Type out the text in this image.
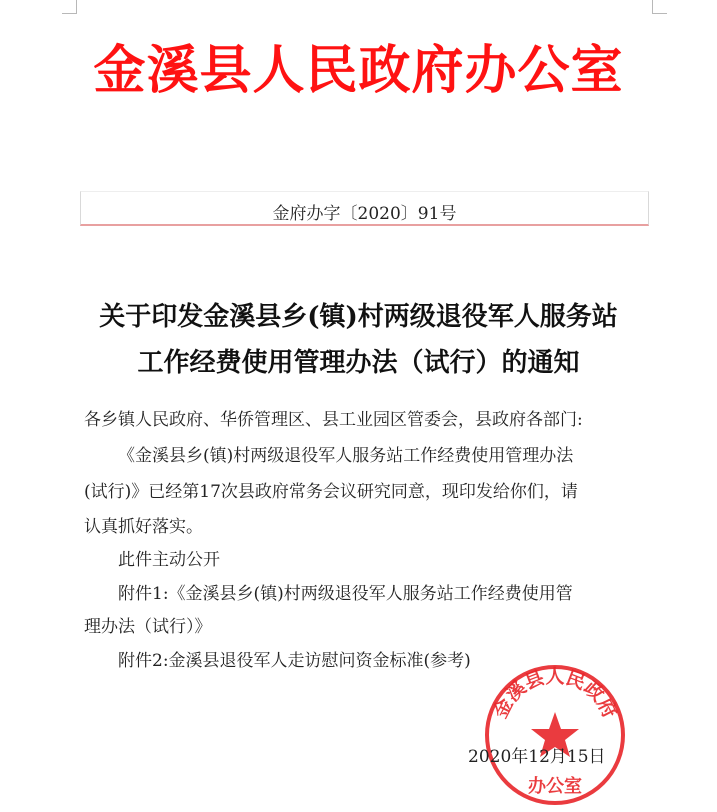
金溪县人民政府办公室
金府办字〔2020〕91号
关于印发金溪县乡(镇)村两级退役军人服务站
工作经费使用管理办法（试行）的通知
各乡镇人民政府、华侨管理区、县工业园区管委会，县政府各部门:
《金溪县乡(镇)村两级退役军人服务站工作经费使用管理办法
(试行)》已经第17次县政府常务会议研究同意，现印发给你们，请
认真抓好落实。
此件主动公开
附件1:《金溪县乡(镇)村两级退役军人服务站工作经费使用管
理办法（试行）》
附件2:金溪县退役军人走访慰问资金标准(参考)
金溪县人民政府
办公室
2020年12月15日
